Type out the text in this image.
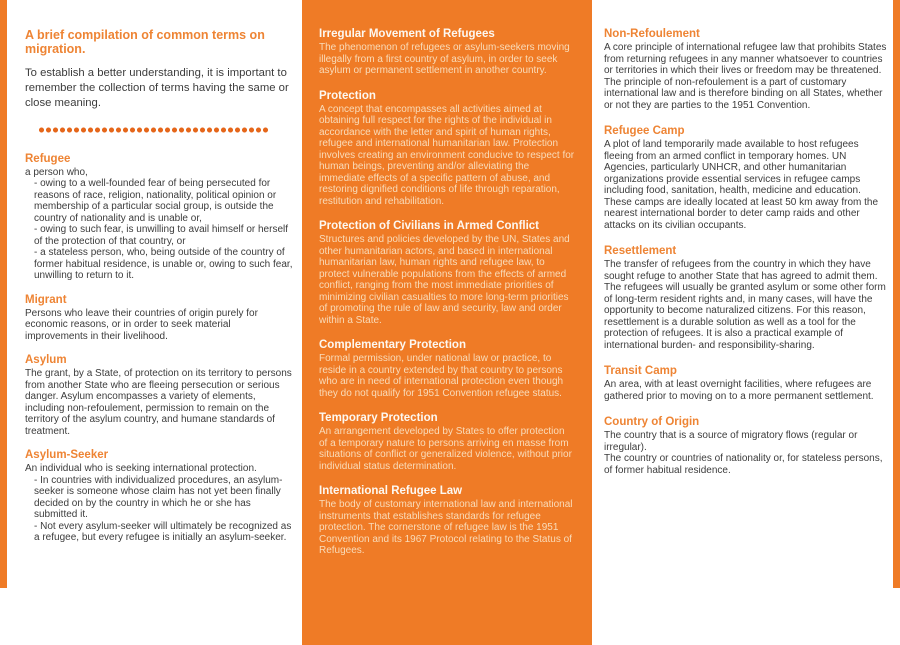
A brief compilation of common terms on migration.

To establish a better understanding, it is important to remember the collection of terms having the same or close meaning.

Refugee

a person who,

- owing to a well-founded fear of being persecuted for reasons of race, religion, nationality, political opinion or membership of a particular social group, is outside the country of nationality and is unable or,

- owing to such fear, is unwilling to avail himself or herself of the protection of that country, or

- a stateless person, who, being outside of the country of former habitual residence, is unable or, owing to such fear, unwilling to return to it.

Migrant

Persons who leave their countries of origin purely for economic reasons, or in order to seek material improvements in their livelihood.

Asylum

The grant, by a State, of protection on its territory to persons from another State who are fleeing persecution or serious danger. Asylum encompasses a variety of elements, including non-refoulement, permission to remain on the territory of the asylum country, and humane standards of treatment.

Asylum-Seeker

An individual who is seeking international protection.

- In countries with individualized procedures, an asylum-seeker is someone whose claim has not yet been finally decided on by the country in which he or she has submitted it.

- Not every asylum-seeker will ultimately be recognized as a refugee, but every refugee is initially an asylum-seeker.

Irregular Movement of Refugees

The phenomenon of refugees or asylum-seekers moving illegally from a first country of asylum, in order to seek asylum or permanent settlement in another country.

Protection

A concept that encompasses all activities aimed at obtaining full respect for the rights of the individual in accordance with the letter and spirit of human rights, refugee and international humanitarian law. Protection involves creating an environment conducive to respect for human beings, preventing and/or alleviating the immediate effects of a specific pattern of abuse, and restoring dignified conditions of life through reparation, restitution and rehabilitation.

Protection of Civilians in Armed Conflict

Structures and policies developed by the UN, States and other humanitarian actors, and based in international humanitarian law, human rights and refugee law, to protect vulnerable populations from the effects of armed conflict, ranging from the most immediate priorities of minimizing civilian casualties to more long-term priorities of promoting the rule of law and security, law and order within a State.

Complementary Protection

Formal permission, under national law or practice, to reside in a country extended by that country to persons who are in need of international protection even though they do not qualify for 1951 Convention refugee status.

Temporary Protection

An arrangement developed by States to offer protection of a temporary nature to persons arriving en masse from situations of conflict or generalized violence, without prior individual status determination.

International Refugee Law

The body of customary international law and international instruments that establishes standards for refugee protection. The cornerstone of refugee law is the 1951 Convention and its 1967 Protocol relating to the Status of Refugees.

Non-Refoulement

A core principle of international refugee law that prohibits States from returning refugees in any manner whatsoever to countries or territories in which their lives or freedom may be threatened. The principle of non-refoulement is a part of customary international law and is therefore binding on all States, whether or not they are parties to the 1951 Convention.

Refugee Camp

A plot of land temporarily made available to host refugees fleeing from an armed conflict in temporary homes. UN Agencies, particularly UNHCR, and other humanitarian organizations provide essential services in refugee camps including food, sanitation, health, medicine and education. These camps are ideally located at least 50 km away from the nearest international border to deter camp raids and other attacks on its civilian occupants.

Resettlement

The transfer of refugees from the country in which they have sought refuge to another State that has agreed to admit them. The refugees will usually be granted asylum or some other form of long-term resident rights and, in many cases, will have the opportunity to become naturalized citizens. For this reason, resettlement is a durable solution as well as a tool for the protection of refugees. It is also a practical example of international burden- and responsibility-sharing.

Transit Camp

An area, with at least overnight facilities, where refugees are gathered prior to moving on to a more permanent settlement.

Country of Origin

The country that is a source of migratory flows (regular or irregular).

The country or countries of nationality or, for stateless persons, of former habitual residence.
